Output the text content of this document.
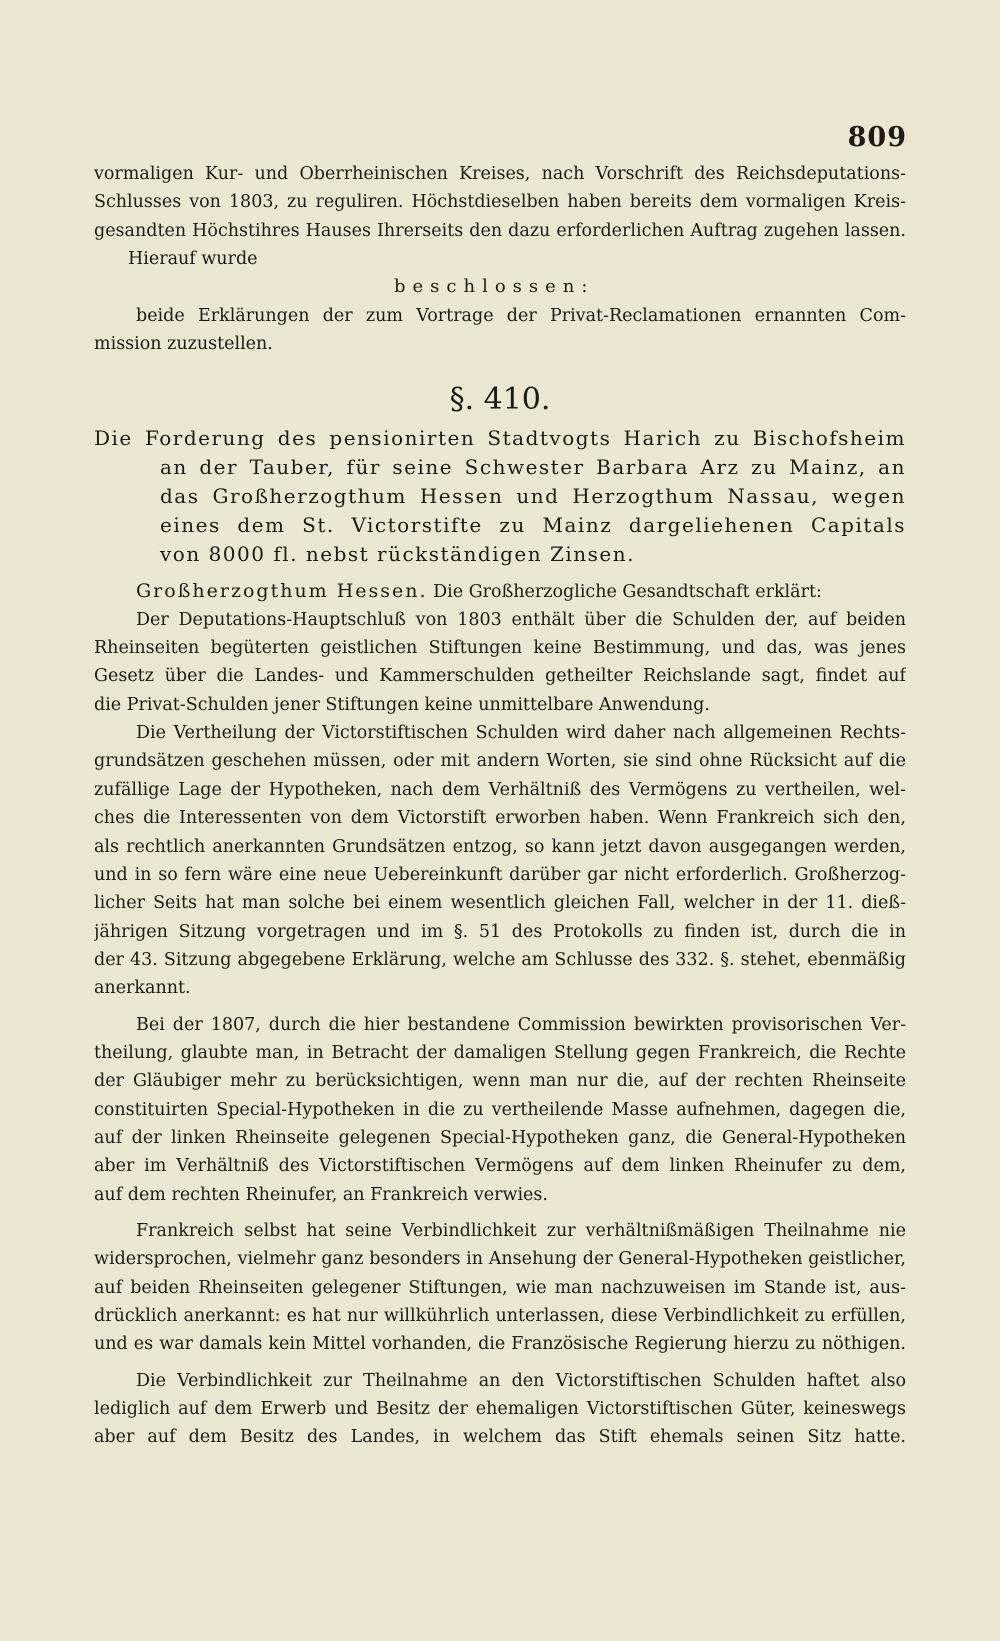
809
vormaligen Kur- und Oberrheinischen Kreises, nach Vorschrift des Reichsdeputations-
Schlusses von 1803, zu reguliren. Höchstdieselben haben bereits dem vormaligen Kreis-
gesandten Höchstihres Hauses Ihrerseits den dazu erforderlichen Auftrag zugehen lassen.
Hierauf wurde
beschlossen:
beide Erklärungen der zum Vortrage der Privat-Reclamationen ernannten Com-
mission zuzustellen.
§. 410.
Die Forderung des pensionirten Stadtvogts Harich zu Bischofsheim
an der Tauber, für seine Schwester Barbara Arz zu Mainz, an
das Großherzogthum Hessen und Herzogthum Nassau, wegen
eines dem St. Victorstifte zu Mainz dargeliehenen Capitals
von 8000 fl. nebst rückständigen Zinsen.
Großherzogthum Hessen. Die Großherzogliche Gesandtschaft erklärt:
Der Deputations-Hauptschluß von 1803 enthält über die Schulden der, auf beiden
Rheinseiten begüterten geistlichen Stiftungen keine Bestimmung, und das, was jenes
Gesetz über die Landes- und Kammerschulden getheilter Reichslande sagt, findet auf
die Privat-Schulden jener Stiftungen keine unmittelbare Anwendung.
Die Vertheilung der Victorstiftischen Schulden wird daher nach allgemeinen Rechts-
grundsätzen geschehen müssen, oder mit andern Worten, sie sind ohne Rücksicht auf die
zufällige Lage der Hypotheken, nach dem Verhältniß des Vermögens zu vertheilen, wel-
ches die Interessenten von dem Victorstift erworben haben. Wenn Frankreich sich den,
als rechtlich anerkannten Grundsätzen entzog, so kann jetzt davon ausgegangen werden,
und in so fern wäre eine neue Uebereinkunft darüber gar nicht erforderlich. Großherzog-
licher Seits hat man solche bei einem wesentlich gleichen Fall, welcher in der 11. dieß-
jährigen Sitzung vorgetragen und im §. 51 des Protokolls zu finden ist, durch die in
der 43. Sitzung abgegebene Erklärung, welche am Schlusse des 332. §. stehet, ebenmäßig
anerkannt.
Bei der 1807, durch die hier bestandene Commission bewirkten provisorischen Ver-
theilung, glaubte man, in Betracht der damaligen Stellung gegen Frankreich, die Rechte
der Gläubiger mehr zu berücksichtigen, wenn man nur die, auf der rechten Rheinseite
constituirten Special-Hypotheken in die zu vertheilende Masse aufnehmen, dagegen die,
auf der linken Rheinseite gelegenen Special-Hypotheken ganz, die General-Hypotheken
aber im Verhältniß des Victorstiftischen Vermögens auf dem linken Rheinufer zu dem,
auf dem rechten Rheinufer, an Frankreich verwies.
Frankreich selbst hat seine Verbindlichkeit zur verhältnißmäßigen Theilnahme nie
widersprochen, vielmehr ganz besonders in Ansehung der General-Hypotheken geistlicher,
auf beiden Rheinseiten gelegener Stiftungen, wie man nachzuweisen im Stande ist, aus-
drücklich anerkannt: es hat nur willkührlich unterlassen, diese Verbindlichkeit zu erfüllen,
und es war damals kein Mittel vorhanden, die Französische Regierung hierzu zu nöthigen.
Die Verbindlichkeit zur Theilnahme an den Victorstiftischen Schulden haftet also
lediglich auf dem Erwerb und Besitz der ehemaligen Victorstiftischen Güter, keineswegs
aber auf dem Besitz des Landes, in welchem das Stift ehemals seinen Sitz hatte.
